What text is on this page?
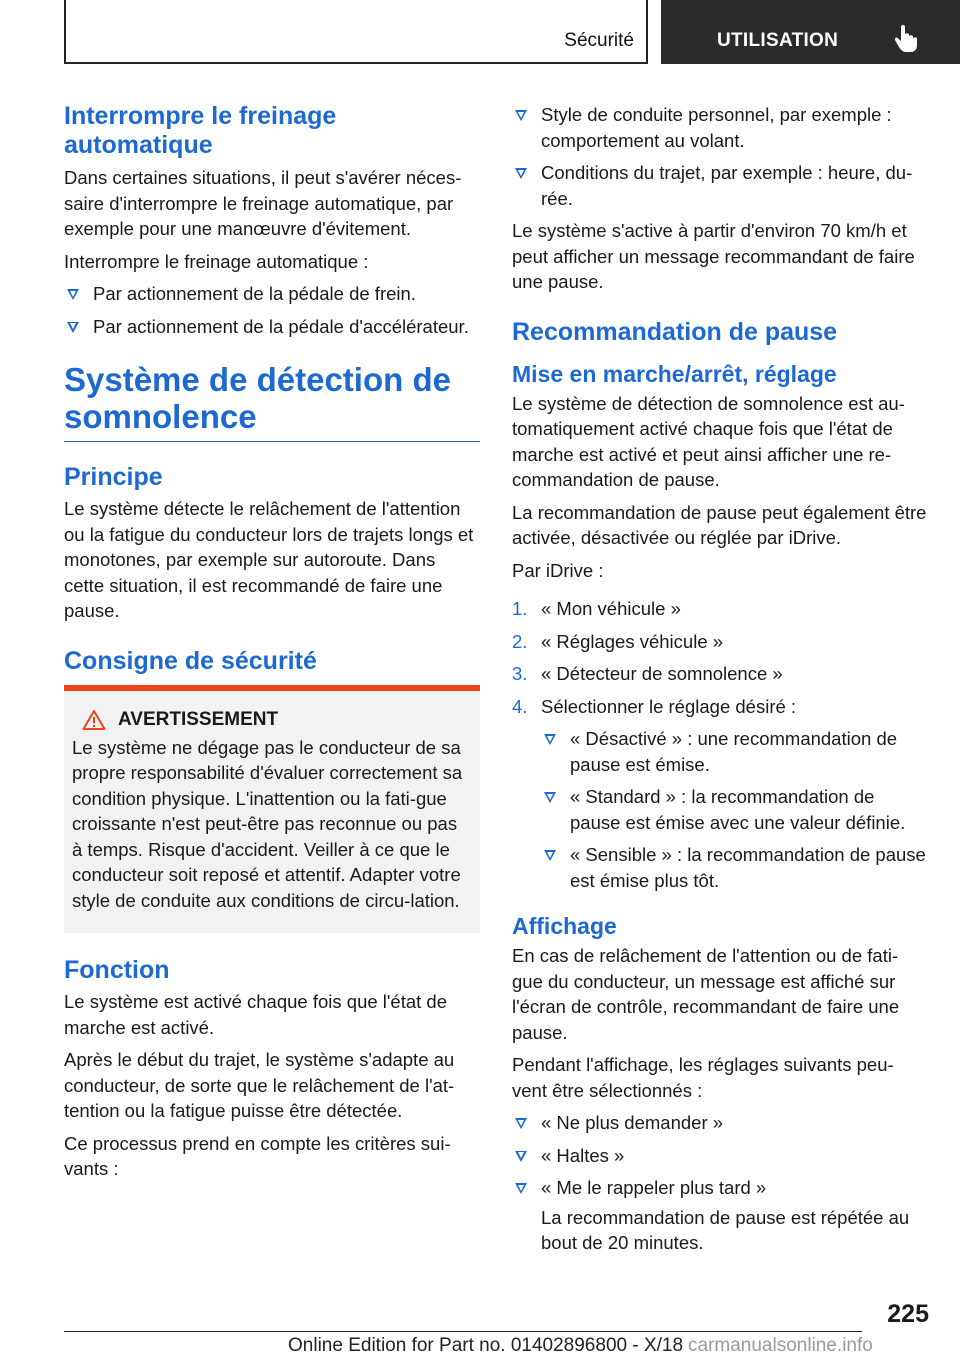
Sécurité	UTILISATION
Interrompre le freinage automatique

Dans certaines situations, il peut s'avérer néces-saire d'interrompre le freinage automatique, par exemple pour une manœuvre d'évitement.

Interrompre le freinage automatique :

Par actionnement de la pédale de frein.
Par actionnement de la pédale d'accélérateur.
Système de détection de somnolence
Principe

Le système détecte le relâchement de l'attention ou la fatigue du conducteur lors de trajets longs et monotones, par exemple sur autoroute. Dans cette situation, il est recommandé de faire une pause.

Consigne de sécurité
AVERTISSEMENT

Le système ne dégage pas le conducteur de sa propre responsabilité d'évaluer correctement sa condition physique. L'inattention ou la fati-gue croissante n'est peut-être pas reconnue ou pas à temps. Risque d'accident. Veiller à ce que le conducteur soit reposé et attentif. Adapter votre style de conduite aux conditions de circu-lation.

Fonction

Le système est activé chaque fois que l'état de marche est activé.

Après le début du trajet, le système s'adapte au conducteur, de sorte que le relâchement de l'at-tention ou la fatigue puisse être détectée.

Ce processus prend en compte les critères sui-vants :

Style de conduite personnel, par exemple : comportement au volant.
Conditions du trajet, par exemple : heure, du-rée.

Le système s'active à partir d'environ 70 km/h et peut afficher un message recommandant de faire une pause.

Recommandation de pause
Mise en marche/arrêt, réglage

Le système de détection de somnolence est au-tomatiquement activé chaque fois que l'état de marche est activé et peut ainsi afficher une re-commandation de pause.

La recommandation de pause peut également être activée, désactivée ou réglée par iDrive.

Par iDrive :

1. « Mon véhicule »
2. « Réglages véhicule »
3. « Détecteur de somnolence »
4. Sélectionner le réglage désiré :
« Désactivé » : une recommandation de pause est émise.
« Standard » : la recommandation de pause est émise avec une valeur définie.
« Sensible » : la recommandation de pause est émise plus tôt.
Affichage

En cas de relâchement de l'attention ou de fati-gue du conducteur, un message est affiché sur l'écran de contrôle, recommandant de faire une pause.

Pendant l'affichage, les réglages suivants peu-vent être sélectionnés :

« Ne plus demander »
« Haltes »
« Me le rappeler plus tard »

La recommandation de pause est répétée au bout de 20 minutes.

225
Online Edition for Part no. 01402896800 - X/18 carmanualsonline.info
